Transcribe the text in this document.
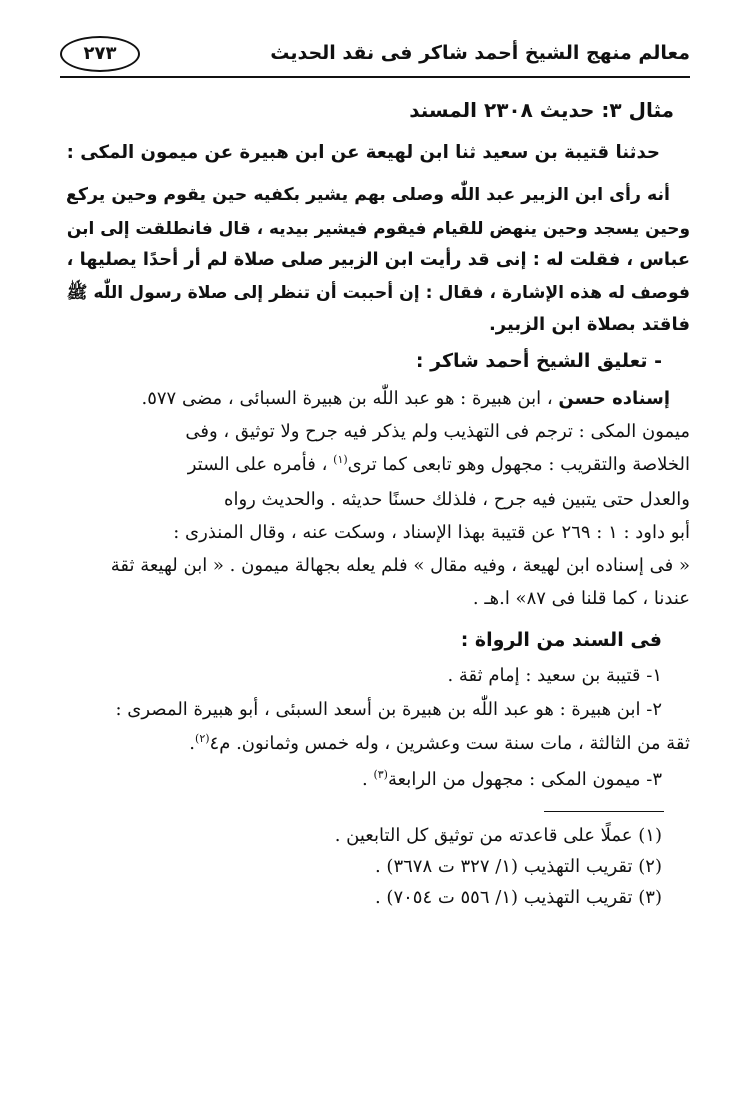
معالم منهج الشيخ أحمد شاكر فى نقد الحديث
٢٧٣
مثال ٣: حديث ٢٣٠٨ المسند
حدثنا قتيبة بن سعيد ثنا ابن لهيعة عن ابن هبيرة عن ميمون المكى :
أنه رأى ابن الزبير عبد اللّٰه وصلى بهم يشير بكفيه حين يقوم وحين يركع
وحين يسجد وحين ينهض للقيام فيقوم فيشير بيديه ، قال فانطلقت إلى ابن
عباس ، فقلت له : إنى قد رأيت ابن الزبير صلى صلاة لم أر أحدًا يصليها ،
فوصف له هذه الإشارة ، فقال : إن أحببت أن تنظر إلى صلاة رسول اللّٰه ﷺ
فاقتد بصلاة ابن الزبير.
- تعليق الشيخ أحمد شاكر :
إسناده حسن ، ابن هبيرة : هو عبد اللّٰه بن هبيرة السبائى ، مضى ٥٧٧.
ميمون المكى : ترجم فى التهذيب ولم يذكر فيه جرح ولا توثيق ، وفى
الخلاصة والتقريب : مجهول وهو تابعى كما ترى$^{(١)}$ ، فأمره على الستر
والعدل حتى يتبين فيه جرح ، فلذلك حسنًا حديثه . والحديث رواه
أبو داود : ١ : ٢٦٩ عن قتيبة بهذا الإسناد ، وسكت عنه ، وقال المنذرى :
« فى إسناده ابن لهيعة ، وفيه مقال » فلم يعله بجهالة ميمون . « ابن لهيعة ثقة
عندنا ، كما قلنا فى ٨٧» ا.هـ .
فى السند من الرواة :
١- قتيبة بن سعيد : إمام ثقة .
٢- ابن هبيرة : هو عبد اللّٰه بن هبيرة بن أسعد السبئى ، أبو هبيرة المصرى :
ثقة من الثالثة ، مات سنة ست وعشرين ، وله خمس وثمانون. م٤$^{(٢)}$.
٣- ميمون المكى : مجهول من الرابعة$^{(٣)}$ .
(١) عملًا على قاعدته من توثيق كل التابعين .
(٢) تقريب التهذيب (١/ ٣٢٧ ت ٣٦٧٨) .
(٣) تقريب التهذيب (١/ ٥٥٦ ت ٧٠٥٤) .
